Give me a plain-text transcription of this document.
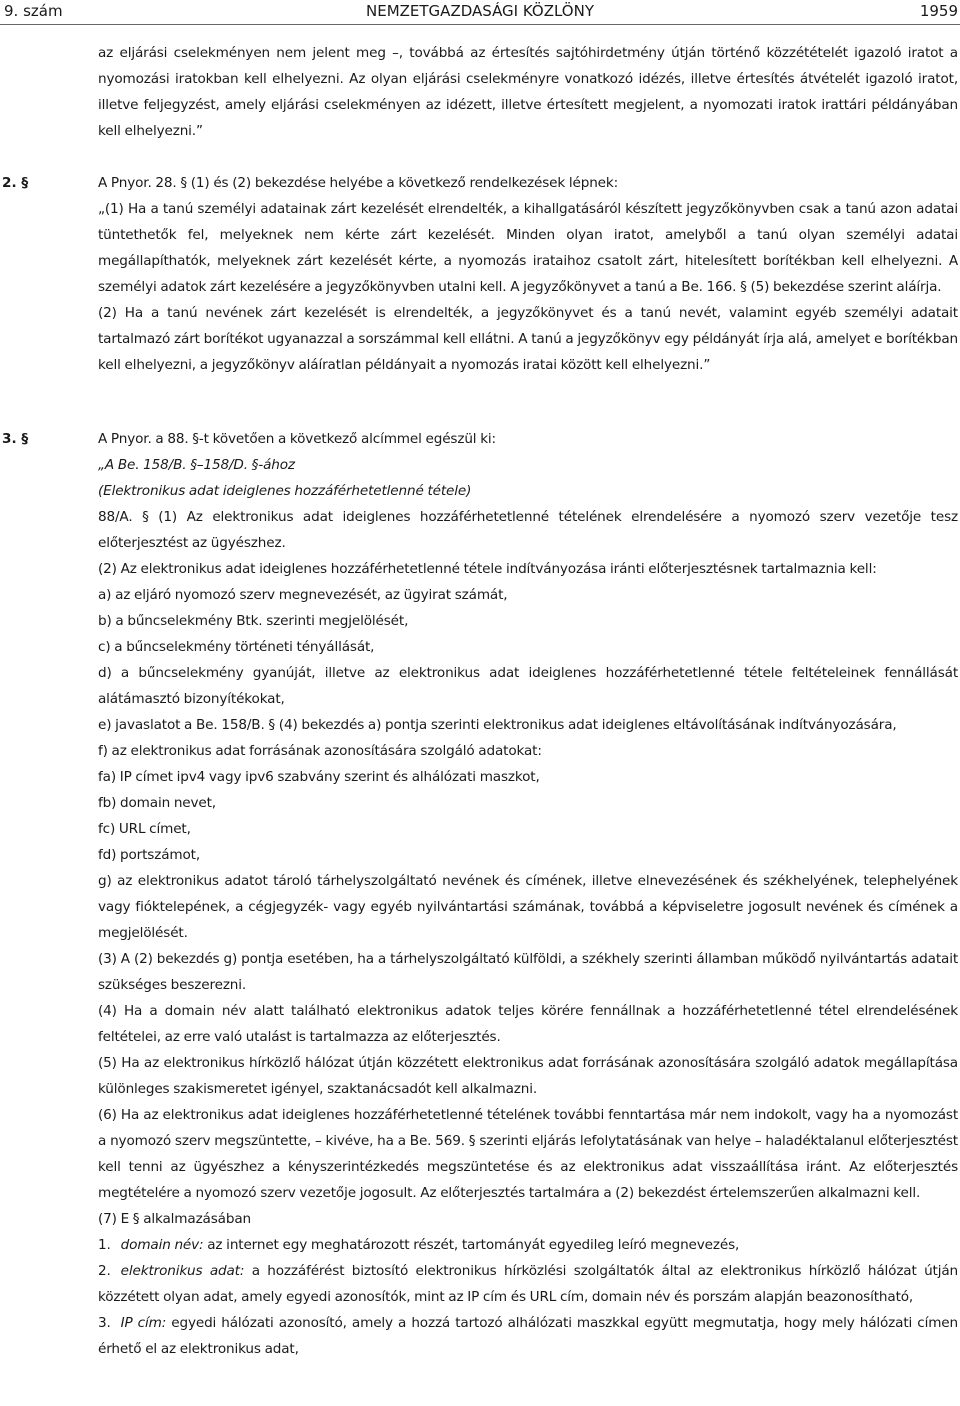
9. szám	NEMZETGAZDASÁGI KÖZLÖNY	1959

az eljárási cselekményen nem jelent meg –, továbbá az értesítés sajtóhirdetmény útján történő közzétételét igazoló iratot a nyomozási iratokban kell elhelyezni. Az olyan eljárási cselekményre vonatkozó idézés, illetve értesítés átvételét igazoló iratot, illetve feljegyzést, amely eljárási cselekményen az idézett, illetve értesített megjelent, a nyomozati iratok irattári példányában kell elhelyezni.”

2. §	A Pnyor. 28. § (1) és (2) bekezdése helyébe a következő rendelkezések lépnek:

„(1) Ha a tanú személyi adatainak zárt kezelését elrendelték, a kihallgatásáról készített jegyzőkönyvben csak a tanú azon adatai tüntethetők fel, melyeknek nem kérte zárt kezelését. Minden olyan iratot, amelyből a tanú olyan személyi adatai megállapíthatók, melyeknek zárt kezelését kérte, a nyomozás irataihoz csatolt zárt, hitelesített borítékban kell elhelyezni. A személyi adatok zárt kezelésére a jegyzőkönyvben utalni kell. A jegyzőkönyvet a tanú a Be. 166. § (5) bekezdése szerint aláírja.

(2) Ha a tanú nevének zárt kezelését is elrendelték, a jegyzőkönyvet és a tanú nevét, valamint egyéb személyi adatait tartalmazó zárt borítékot ugyanazzal a sorszámmal kell ellátni. A tanú a jegyzőkönyv egy példányát írja alá, amelyet e borítékban kell elhelyezni, a jegyzőkönyv aláíratlan példányait a nyomozás iratai között kell elhelyezni.”

3. §	A Pnyor. a 88. §-t követően a következő alcímmel egészül ki:

„A Be. 158/B. §–158/D. §-ához

(Elektronikus adat ideiglenes hozzáférhetetlenné tétele)

88/A. § (1) Az elektronikus adat ideiglenes hozzáférhetetlenné tételének elrendelésére a nyomozó szerv vezetője tesz előterjesztést az ügyészhez.

(2) Az elektronikus adat ideiglenes hozzáférhetetlenné tétele indítványozása iránti előterjesztésnek tartalmaznia kell:

a) az eljáró nyomozó szerv megnevezését, az ügyirat számát,

b) a bűncselekmény Btk. szerinti megjelölését,

c) a bűncselekmény történeti tényállását,

d) a bűncselekmény gyanúját, illetve az elektronikus adat ideiglenes hozzáférhetetlenné tétele feltételeinek fennállását alátámasztó bizonyítékokat,

e) javaslatot a Be. 158/B. § (4) bekezdés a) pontja szerinti elektronikus adat ideiglenes eltávolításának indítványozására,

f) az elektronikus adat forrásának azonosítására szolgáló adatokat:

fa) IP címet ipv4 vagy ipv6 szabvány szerint és alhálózati maszkot,

fb) domain nevet,

fc) URL címet,

fd) portszámot,

g) az elektronikus adatot tároló tárhelyszolgáltató nevének és címének, illetve elnevezésének és székhelyének, telephelyének vagy fióktelepének, a cégjegyzék- vagy egyéb nyilvántartási számának, továbbá a képviseletre jogosult nevének és címének a megjelölését.

(3) A (2) bekezdés g) pontja esetében, ha a tárhelyszolgáltató külföldi, a székhely szerinti államban működő nyilvántartás adatait szükséges beszerezni.

(4) Ha a domain név alatt található elektronikus adatok teljes körére fennállnak a hozzáférhetetlenné tétel elrendelésének feltételei, az erre való utalást is tartalmazza az előterjesztés.

(5) Ha az elektronikus hírközlő hálózat útján közzétett elektronikus adat forrásának azonosítására szolgáló adatok megállapítása különleges szakismeretet igényel, szaktanácsadót kell alkalmazni.

(6) Ha az elektronikus adat ideiglenes hozzáférhetetlenné tételének további fenntartása már nem indokolt, vagy ha a nyomozást a nyomozó szerv megszüntette, – kivéve, ha a Be. 569. § szerinti eljárás lefolytatásának van helye – haladéktalanul előterjesztést kell tenni az ügyészhez a kényszerintézkedés megszüntetése és az elektronikus adat visszaállítása iránt. Az előterjesztés megtételére a nyomozó szerv vezetője jogosult. Az előterjesztés tartalmára a (2) bekezdést értelemszerűen alkalmazni kell.

(7) E § alkalmazásában

1. domain név: az internet egy meghatározott részét, tartományát egyedileg leíró megnevezés,

2. elektronikus adat: a hozzáférést biztosító elektronikus hírközlési szolgáltatók által az elektronikus hírközlő hálózat útján közzétett olyan adat, amely egyedi azonosítók, mint az IP cím és URL cím, domain név és porszám alapján beazonosítható,

3. IP cím: egyedi hálózati azonosító, amely a hozzá tartozó alhálózati maszkkal együtt megmutatja, hogy mely hálózati címen érhető el az elektronikus adat,
